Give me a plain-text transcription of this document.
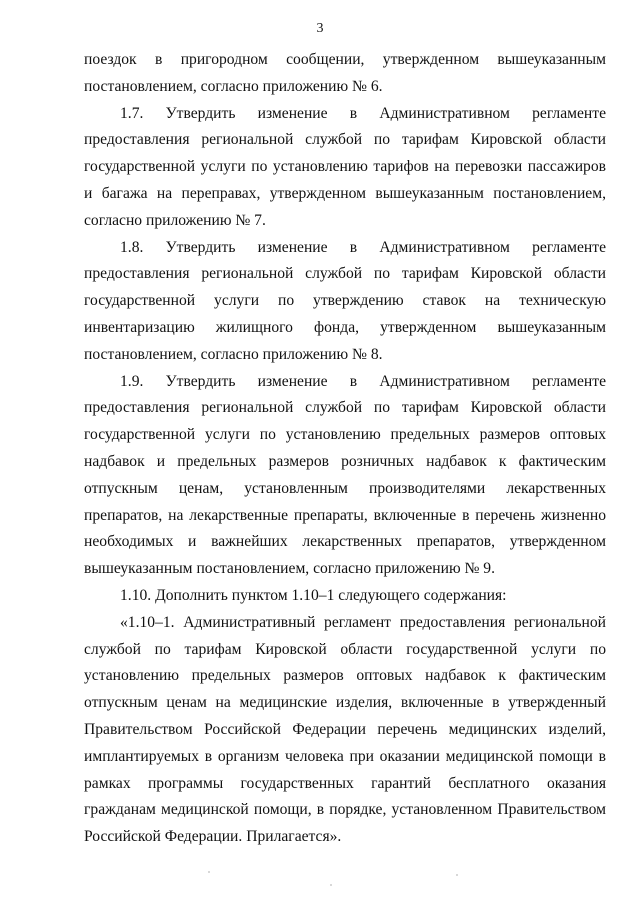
3

поездок в пригородном сообщении, утвержденном вышеуказанным постановлением, согласно приложению № 6.

1.7. Утвердить изменение в Административном регламенте предоставления региональной службой по тарифам Кировской области государственной услуги по установлению тарифов на перевозки пассажиров и багажа на переправах, утвержденном вышеуказанным постановлением, согласно приложению № 7.

1.8. Утвердить изменение в Административном регламенте предоставления региональной службой по тарифам Кировской области государственной услуги по утверждению ставок на техническую инвентаризацию жилищного фонда, утвержденном вышеуказанным постановлением, согласно приложению № 8.

1.9. Утвердить изменение в Административном регламенте предоставления региональной службой по тарифам Кировской области государственной услуги по установлению предельных размеров оптовых надбавок и предельных размеров розничных надбавок к фактическим отпускным ценам, установленным производителями лекарственных препаратов, на лекарственные препараты, включенные в перечень жизненно необходимых и важнейших лекарственных препаратов, утвержденном вышеуказанным постановлением, согласно приложению № 9.

1.10. Дополнить пунктом 1.10–1 следующего содержания:

«1.10–1. Административный регламент предоставления региональной службой по тарифам Кировской области государственной услуги по установлению предельных размеров оптовых надбавок к фактическим отпускным ценам на медицинские изделия, включенные в утвержденный Правительством Российской Федерации перечень медицинских изделий, имплантируемых в организм человека при оказании медицинской помощи в рамках программы государственных гарантий бесплатного оказания гражданам медицинской помощи, в порядке, установленном Правительством Российской Федерации. Прилагается».
